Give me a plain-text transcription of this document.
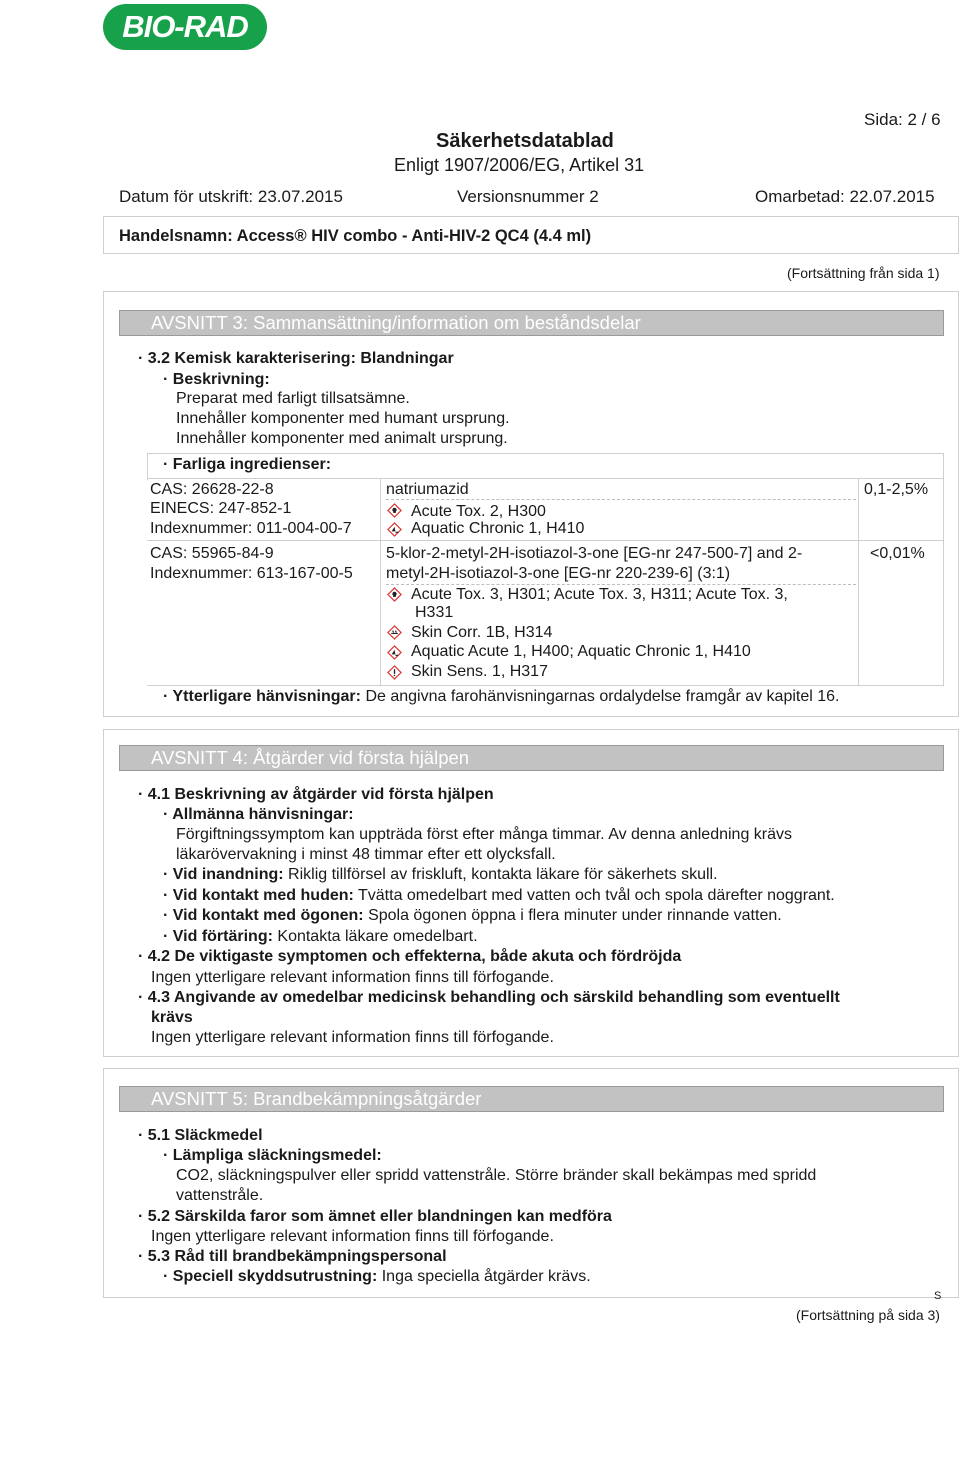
BIO-RAD
Sida: 2 / 6
Säkerhetsdatablad
Enligt 1907/2006/EG, Artikel 31
Datum för utskrift: 23.07.2015	Versionsnummer 2	Omarbetad: 22.07.2015
Handelsnamn: Access® HIV combo - Anti-HIV-2 QC4 (4.4 ml)
(Fortsättning från sida 1)
AVSNITT 3: Sammansättning/information om beståndsdelar
· 3.2 Kemisk karakterisering: Blandningar
· Beskrivning:
Preparat med farligt tillsatsämne.
Innehåller komponenter med humant ursprung.
Innehåller komponenter med animalt ursprung.
· Farliga ingredienser:
CAS: 26628-22-8
EINECS: 247-852-1
Indexnummer: 011-004-00-7
natriumazid
Acute Tox. 2, H300
Aquatic Chronic 1, H410
0,1-2,5%
CAS: 55965-84-9
Indexnummer: 613-167-00-5
5-klor-2-metyl-2H-isotiazol-3-one [EG-nr 247-500-7] and 2-
metyl-2H-isotiazol-3-one [EG-nr 220-239-6] (3:1)
Acute Tox. 3, H301; Acute Tox. 3, H311; Acute Tox. 3,
H331
Skin Corr. 1B, H314
Aquatic Acute 1, H400; Aquatic Chronic 1, H410
Skin Sens. 1, H317
<0,01%
· Ytterligare hänvisningar: De angivna farohänvisningarnas ordalydelse framgår av kapitel 16.
AVSNITT 4: Åtgärder vid första hjälpen
· 4.1 Beskrivning av åtgärder vid första hjälpen
· Allmänna hänvisningar:
Förgiftningssymptom kan uppträda först efter många timmar. Av denna anledning krävs
läkarövervakning i minst 48 timmar efter ett olycksfall.
· Vid inandning: Riklig tillförsel av friskluft, kontakta läkare för säkerhets skull.
· Vid kontakt med huden: Tvätta omedelbart med vatten och tvål och spola därefter noggrant.
· Vid kontakt med ögonen: Spola ögonen öppna i flera minuter under rinnande vatten.
· Vid förtäring: Kontakta läkare omedelbart.
· 4.2 De viktigaste symptomen och effekterna, både akuta och fördröjda
Ingen ytterligare relevant information finns till förfogande.
· 4.3 Angivande av omedelbar medicinsk behandling och särskild behandling som eventuellt
krävs
Ingen ytterligare relevant information finns till förfogande.
AVSNITT 5: Brandbekämpningsåtgärder
· 5.1 Släckmedel
· Lämpliga släckningsmedel:
CO2, släckningspulver eller spridd vattenstråle. Större bränder skall bekämpas med spridd
vattenstråle.
· 5.2 Särskilda faror som ämnet eller blandningen kan medföra
Ingen ytterligare relevant information finns till förfogande.
· 5.3 Råd till brandbekämpningspersonal
· Speciell skyddsutrustning: Inga speciella åtgärder krävs.
S
(Fortsättning på sida 3)
